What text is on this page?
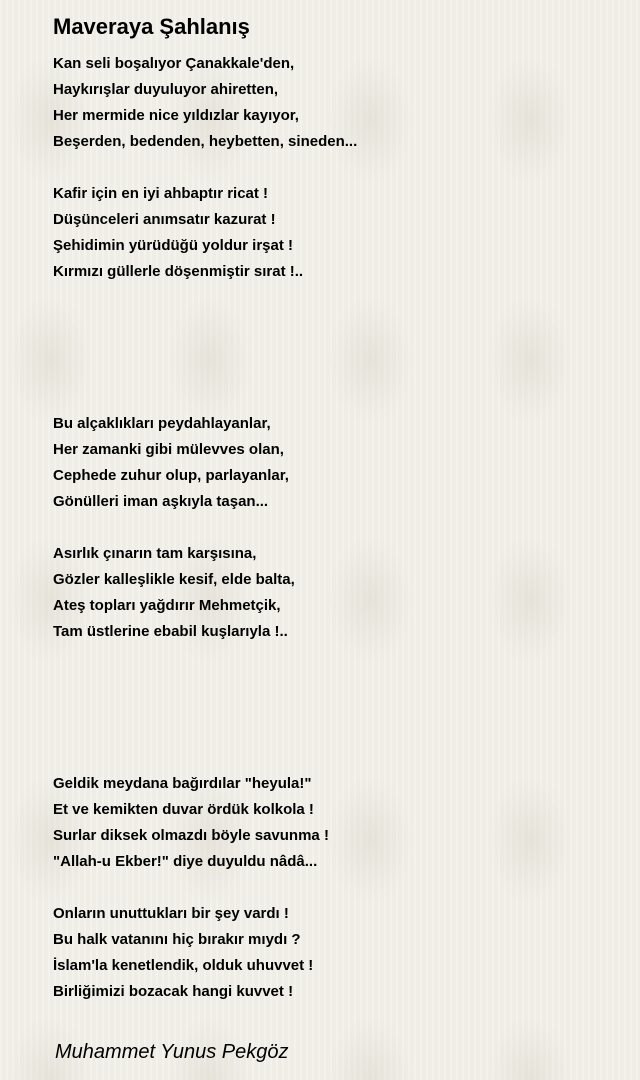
Maveraya Şahlanış
Kan seli boşalıyor Çanakkale'den,
Haykırışlar duyuluyor ahiretten,
Her mermide nice yıldızlar kayıyor,
Beşerden, bedenden, heybetten, sineden...
Kafir için en iyi ahbaptır ricat !
Düşünceleri anımsatır kazurat !
Şehidimin yürüdüğü yoldur irşat !
Kırmızı güllerle döşenmiştir sırat !..
Bu alçaklıkları peydahlayanlar,
Her zamanki gibi mülevves olan,
Cephede zuhur olup, parlayanlar,
Gönülleri iman aşkıyla taşan...
Asırlık çınarın tam karşısına,
Gözler kalleşlikle kesif, elde balta,
Ateş topları yağdırır Mehmetçik,
Tam üstlerine ebabil kuşlarıyla !..
Geldik meydana bağırdılar "heyula!"
Et ve kemikten duvar ördük kolkola !
Surlar diksek olmazdı böyle savunma !
"Allah-u Ekber!" diye duyuldu nâdâ...
Onların unuttukları bir şey vardı !
Bu halk vatanını hiç bırakır mıydı ?
İslam'la kenetlendik, olduk uhuvvet !
Birliğimizi bozacak hangi kuvvet !
Muhammet Yunus Pekgöz
